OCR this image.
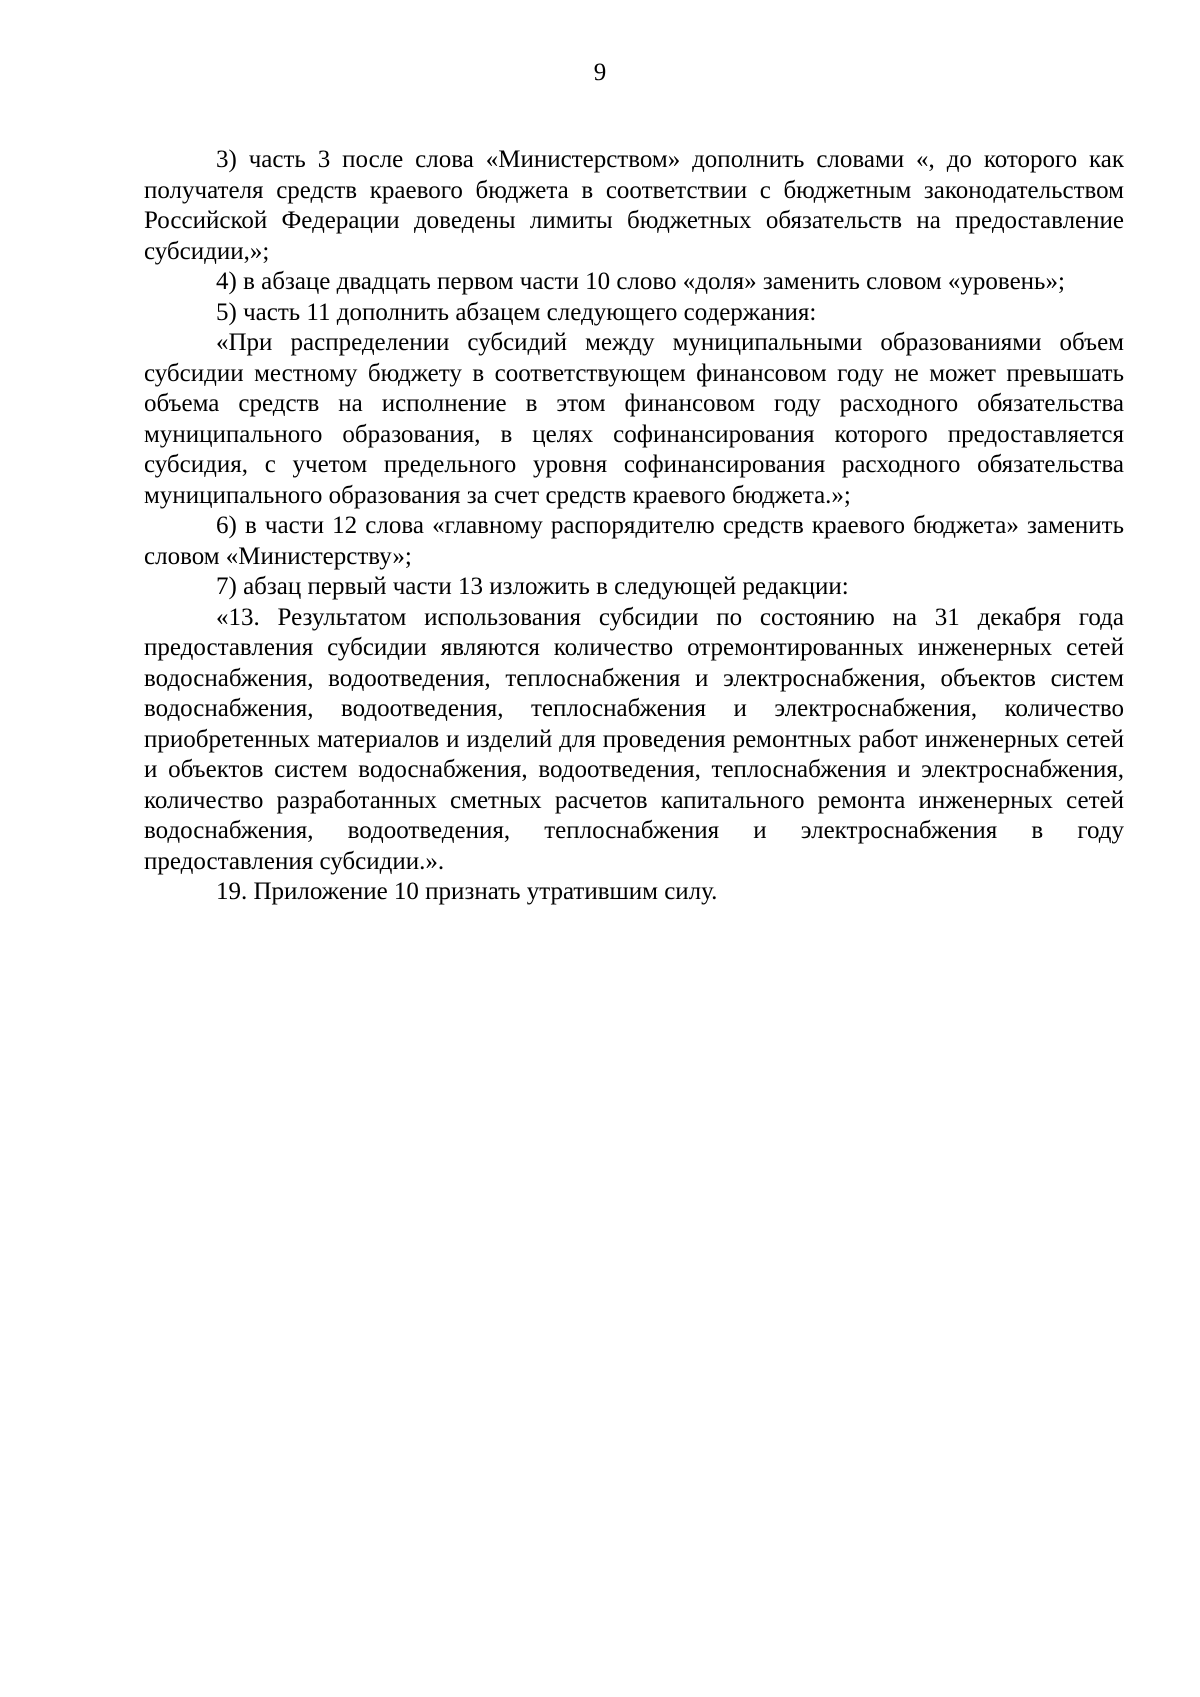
9

3) часть 3 после слова «Министерством» дополнить словами «, до которого как получателя средств краевого бюджета в соответствии с бюджетным законодательством Российской Федерации доведены лимиты бюджетных обязательств на предоставление субсидии,»;

4) в абзаце двадцать первом части 10 слово «доля» заменить словом «уровень»;

5) часть 11 дополнить абзацем следующего содержания:

«При распределении субсидий между муниципальными образованиями объем субсидии местному бюджету в соответствующем финансовом году не может превышать объема средств на исполнение в этом финансовом году расходного обязательства муниципального образования, в целях софинансирования которого предоставляется субсидия, с учетом предельного уровня софинансирования расходного обязательства муниципального образования за счет средств краевого бюджета.»;

6) в части 12 слова «главному распорядителю средств краевого бюджета» заменить словом «Министерству»;

7) абзац первый части 13 изложить в следующей редакции:

«13. Результатом использования субсидии по состоянию на 31 декабря года предоставления субсидии являются количество отремонтированных инженерных сетей водоснабжения, водоотведения, теплоснабжения и электроснабжения, объектов систем водоснабжения, водоотведения, теплоснабжения и электроснабжения, количество приобретенных материалов и изделий для проведения ремонтных работ инженерных сетей и объектов систем водоснабжения, водоотведения, теплоснабжения и электроснабжения, количество разработанных сметных расчетов капитального ремонта инженерных сетей водоснабжения, водоотведения, теплоснабжения и электроснабжения в году предоставления субсидии.».

19. Приложение 10 признать утратившим силу.
